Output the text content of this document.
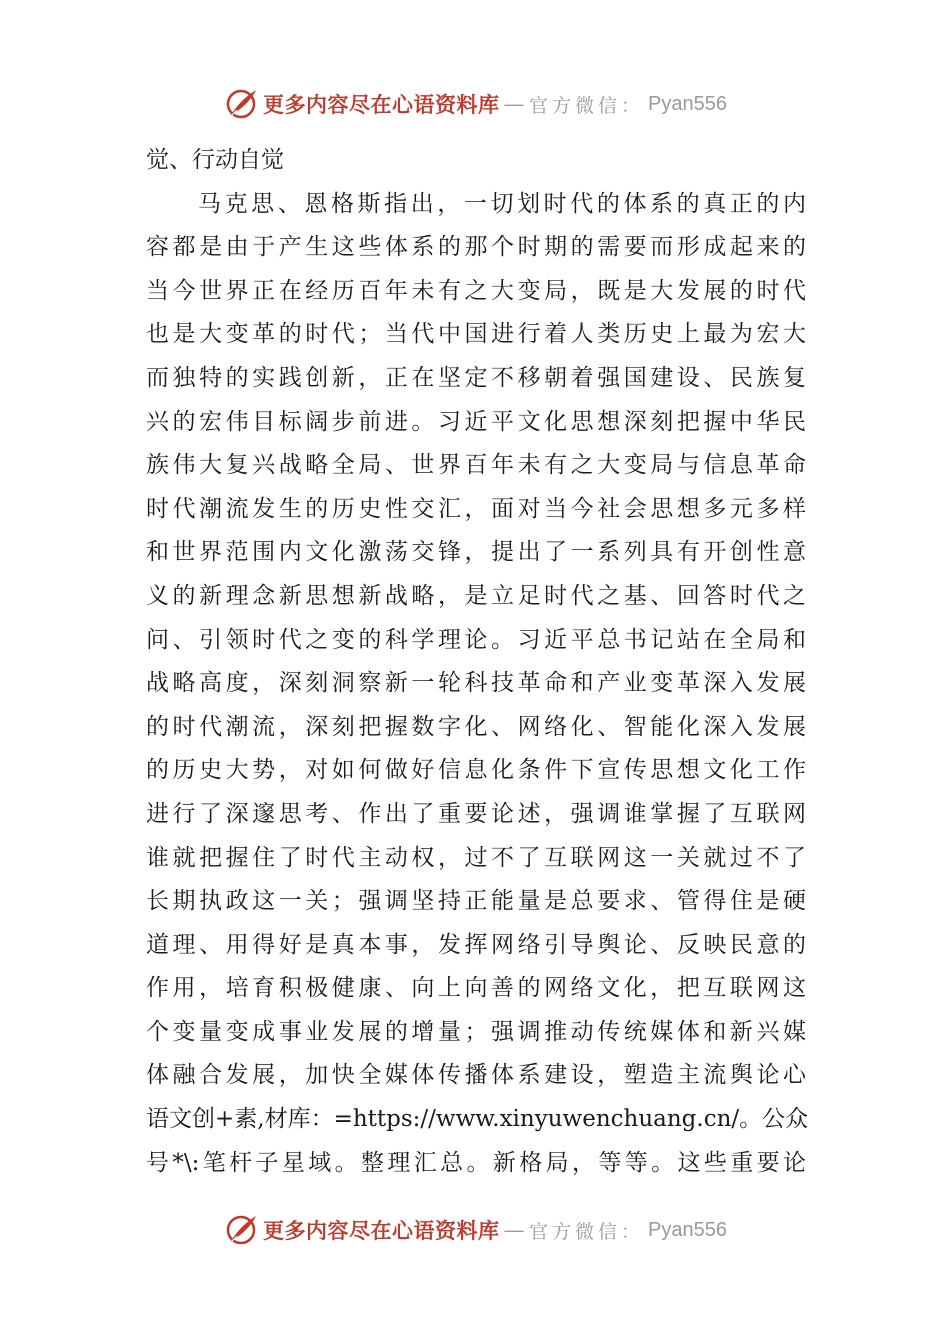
更多内容尽在心语资料库 — 官方微信： Pyan556
觉、行动自觉
马克思、恩格斯指出，一切划时代的体系的真正的内
容都是由于产生这些体系的那个时期的需要而形成起来的
当今世界正在经历百年未有之大变局，既是大发展的时代
也是大变革的时代；当代中国进行着人类历史上最为宏大
而独特的实践创新，正在坚定不移朝着强国建设、民族复
兴的宏伟目标阔步前进。习近平文化思想深刻把握中华民
族伟大复兴战略全局、世界百年未有之大变局与信息革命
时代潮流发生的历史性交汇，面对当今社会思想多元多样
和世界范围内文化激荡交锋，提出了一系列具有开创性意
义的新理念新思想新战略，是立足时代之基、回答时代之
问、引领时代之变的科学理论。习近平总书记站在全局和
战略高度，深刻洞察新一轮科技革命和产业变革深入发展
的时代潮流，深刻把握数字化、网络化、智能化深入发展
的历史大势，对如何做好信息化条件下宣传思想文化工作
进行了深邃思考、作出了重要论述，强调谁掌握了互联网
谁就把握住了时代主动权，过不了互联网这一关就过不了
长期执政这一关；强调坚持正能量是总要求、管得住是硬
道理、用得好是真本事，发挥网络引导舆论、反映民意的
作用，培育积极健康、向上向善的网络文化，把互联网这
个变量变成事业发展的增量；强调推动传统媒体和新兴媒
体融合发展，加快全媒体传播体系建设，塑造主流舆论心
语文创+素,材库：=https://www.xinyuwenchuang.cn/。公众
号*\:笔杆子星域。整理汇总。新格局，等等。这些重要论
更多内容尽在心语资料库 — 官方微信： Pyan556
